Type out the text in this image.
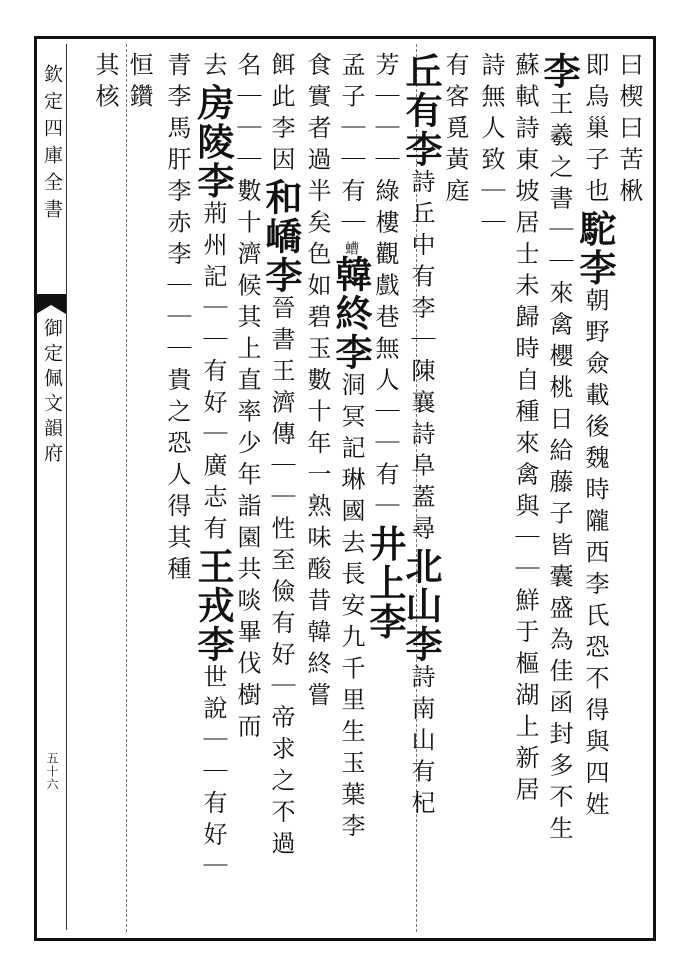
欽定四庫全書
御定佩文韻府
五十六
曰楔曰苦楸
即烏巢子也駝李朝野僉載後魏時隴西李氏恐不得與四姓
李王羲之書｜｜來禽櫻桃日給藤子皆囊盛為佳函封多不生
蘇軾詩東坡居士未歸時自種來禽與｜｜鮮于樞湖上新居
詩無人致｜｜
有客覓黃庭
丘有李詩丘中有李｜陳襄詩阜蓋尋北山李詩南山有杞
芳｜｜｜綠樓觀戲巷無人｜｜有｜井上李
孟子｜｜有｜螬韓終李洞冥記琳國去長安九千里生玉葉李
食實者過半矣色如碧玉數十年一熟味酸昔韓終嘗
餌此李因和嶠李晉書王濟傳｜｜性至儉有好｜帝求之不過
名｜｜｜數十濟候其上直率少年詣園共啖畢伐樹而
去房陵李荊州記｜｜有好｜廣志有王戎李世說｜｜有好｜
青李馬肝李赤李｜｜｜貴之恐人得其種
恒鑽
其核
